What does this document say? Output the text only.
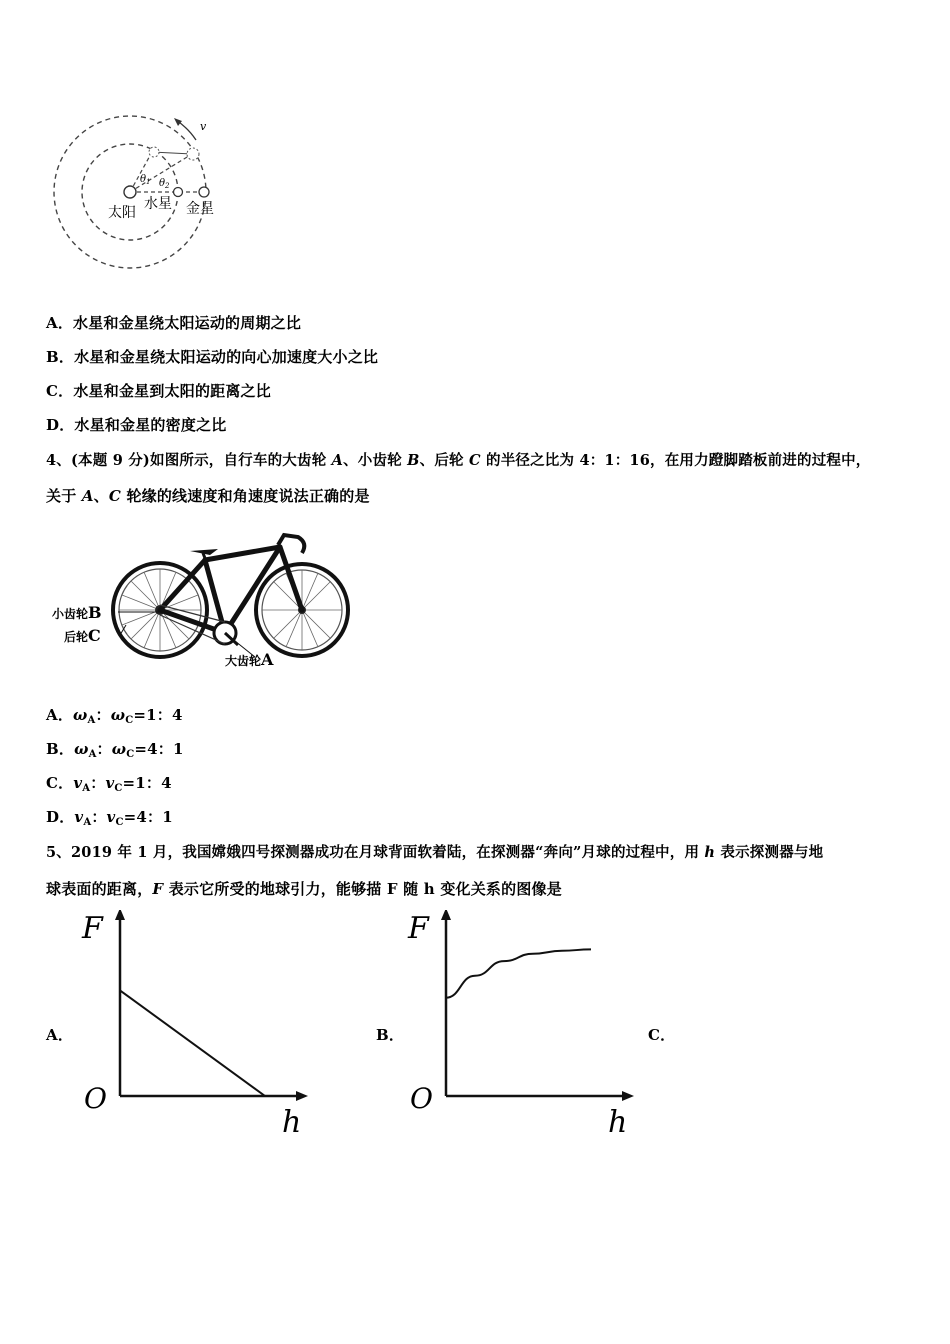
v
$\theta_1$ $\theta_2$
太阳
水星 金星
A．水星和金星绕太阳运动的周期之比
B．水星和金星绕太阳运动的向心加速度大小之比
C．水星和金星到太阳的距离之比
D．水星和金星的密度之比
4、(本题 9 分)如图所示，自行车的大齿轮 A、小齿轮 B、后轮 C 的半径之比为 4：1：16，在用力蹬脚踏板前进的过程中，
关于 A、C 轮缘的线速度和角速度说法正确的是
小齿轮B
后轮C
大齿轮A
A．$\omega_A$：$\omega_C=1$：4
B．$\omega_A$：$\omega_C=4$：1
C．$v_A$：$v_C=1$：4
D．$v_A$：$v_C=4$：1
5、2019 年 1 月，我国嫦娥四号探测器成功在月球背面软着陆，在探测器“奔向”月球的过程中，用 h 表示探测器与地
球表面的距离，F 表示它所受的地球引力，能够描 F 随 h 变化关系的图像是
A．	B．	C．
F
O
h
F
O
h
